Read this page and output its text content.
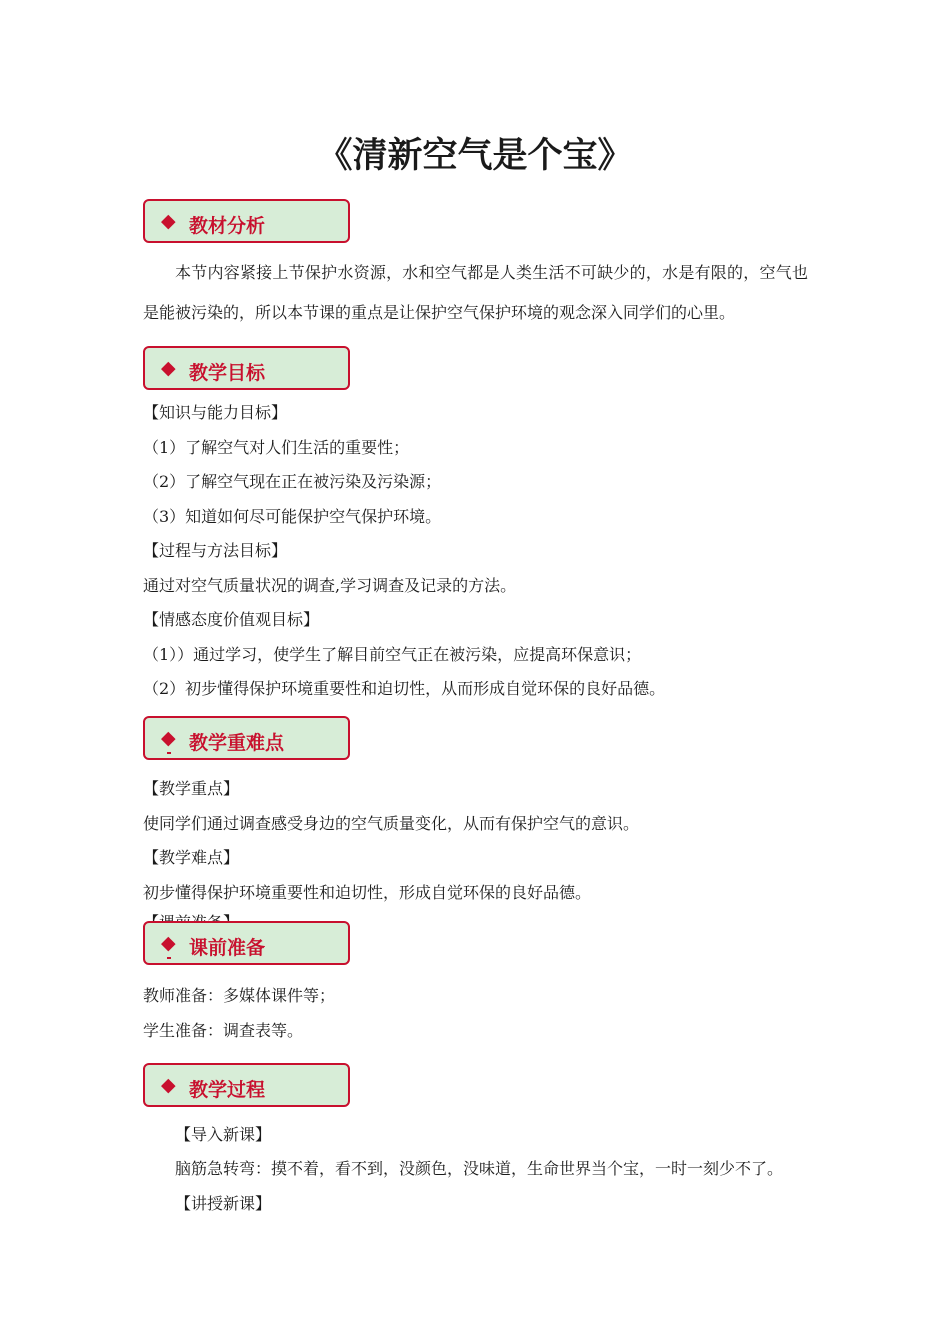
《清新空气是个宝》
◆ 教材分析
本节内容紧接上节保护水资源，水和空气都是人类生活不可缺少的，水是有限的，空气也是能被污染的，所以本节课的重点是让保护空气保护环境的观念深入同学们的心里。
◆ 教学目标
【知识与能力目标】
（1）了解空气对人们生活的重要性；
（2）了解空气现在正在被污染及污染源；
（3）知道如何尽可能保护空气保护环境。
【过程与方法目标】
通过对空气质量状况的调查,学习调查及记录的方法。
【情感态度价值观目标】
（1））通过学习，使学生了解目前空气正在被污染，应提高环保意识；
（2）初步懂得保护环境重要性和迫切性，从而形成自觉环保的良好品德。
◆ 教学重难点
【教学重点】
使同学们通过调查感受身边的空气质量变化，从而有保护空气的意识。
【教学难点】
初步懂得保护环境重要性和迫切性，形成自觉环保的良好品德。
◆ 课前准备
教师准备：多媒体课件等；
学生准备：调查表等。
◆ 教学过程
【导入新课】
脑筋急转弯：摸不着，看不到，没颜色，没味道，生命世界当个宝，一时一刻少不了。
【讲授新课】
